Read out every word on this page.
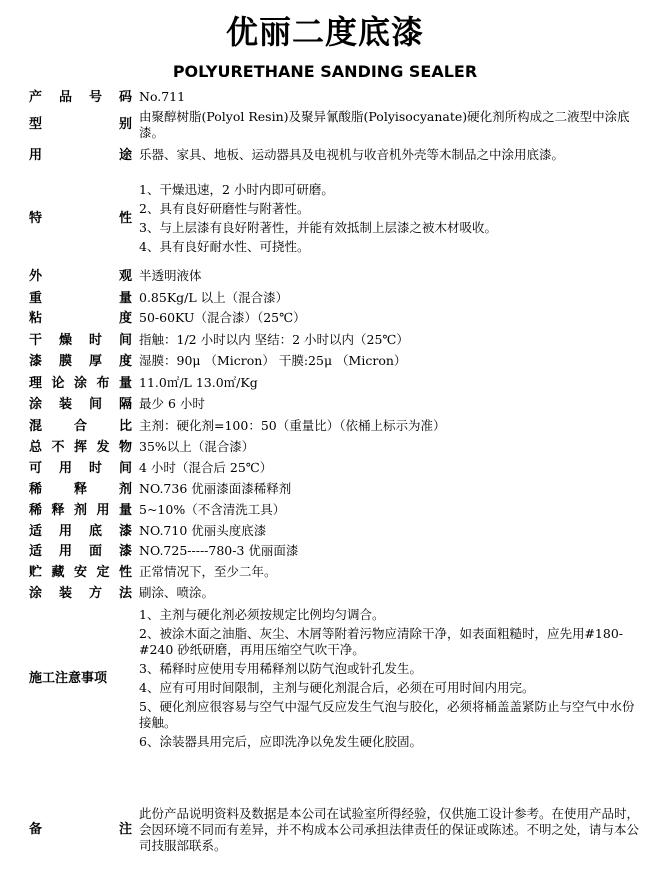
优丽二度底漆
POLYURETHANE SANDING SEALER
产 品 号 码 No.711

型	别

由聚醇树脂(Polyol Resin)及聚异氰酸脂(Polyisocyanate)硬化剂所构成之二液型中涂底漆。

用	途 乐器、家具、地板、运动器具及电视机与收音机外壳等木制品之中涂用底漆。

特	性

1、干燥迅速，2 小时内即可研磨。

2、具有良好研磨性与附著性。

3、与上层漆有良好附著性，并能有效抵制上层漆之被木材吸收。

4、具有良好耐水性、可挠性。

外	观 半透明液体

重	量 0.85Kg/L 以上（混合漆）

粘	度 50-60KU（混合漆）（25℃）

干 燥 时 间 指触：1/2 小时以内 坚结：2 小时以内（25℃）

漆 膜 厚 度 湿膜：90μ （Micron） 干膜:25μ （Micron）

理 论 涂 布 量 11.0㎡/L 13.0㎡/Kg

涂 装 间 隔 最少 6 小时

混 合 比 主剂：硬化剂=100：50（重量比）（依桶上标示为准）

总 不 挥 发 物 35%以上（混合漆）

可 用 时 间 4 小时（混合后 25℃）

稀 释 剂 NO.736 优丽漆面漆稀释剂

稀 释 剂 用 量 5~10%（不含清洗工具）

适 用 底 漆 NO.710 优丽头度底漆

适 用 面 漆 NO.725-----780-3 优丽面漆

贮 藏 安 定 性 正常情况下，至少二年。

涂 装 方 法 刷涂、喷涂。

施工注意事项

1、主剂与硬化剂必须按规定比例均匀调合。

2、被涂木面之油脂、灰尘、木屑等附着污物应清除干净，如表面粗糙时，应先用#180-#240 砂纸研磨，再用压缩空气吹干净。

3、稀释时应使用专用稀释剂以防气泡或针孔发生。

4、应有可用时间限制，主剂与硬化剂混合后，必须在可用时间内用完。

5、硬化剂应很容易与空气中湿气反应发生气泡与胶化，必须将桶盖盖紧防止与空气中水份接触。

6、涂装器具用完后，应即洗净以免发生硬化胶固。

备	注

此份产品说明资料及数据是本公司在试验室所得经验，仅供施工设计参考。在使用产品时，会因环境不同而有差异，并不构成本公司承担法律责任的保证或陈述。不明之处，请与本公司技服部联系。
